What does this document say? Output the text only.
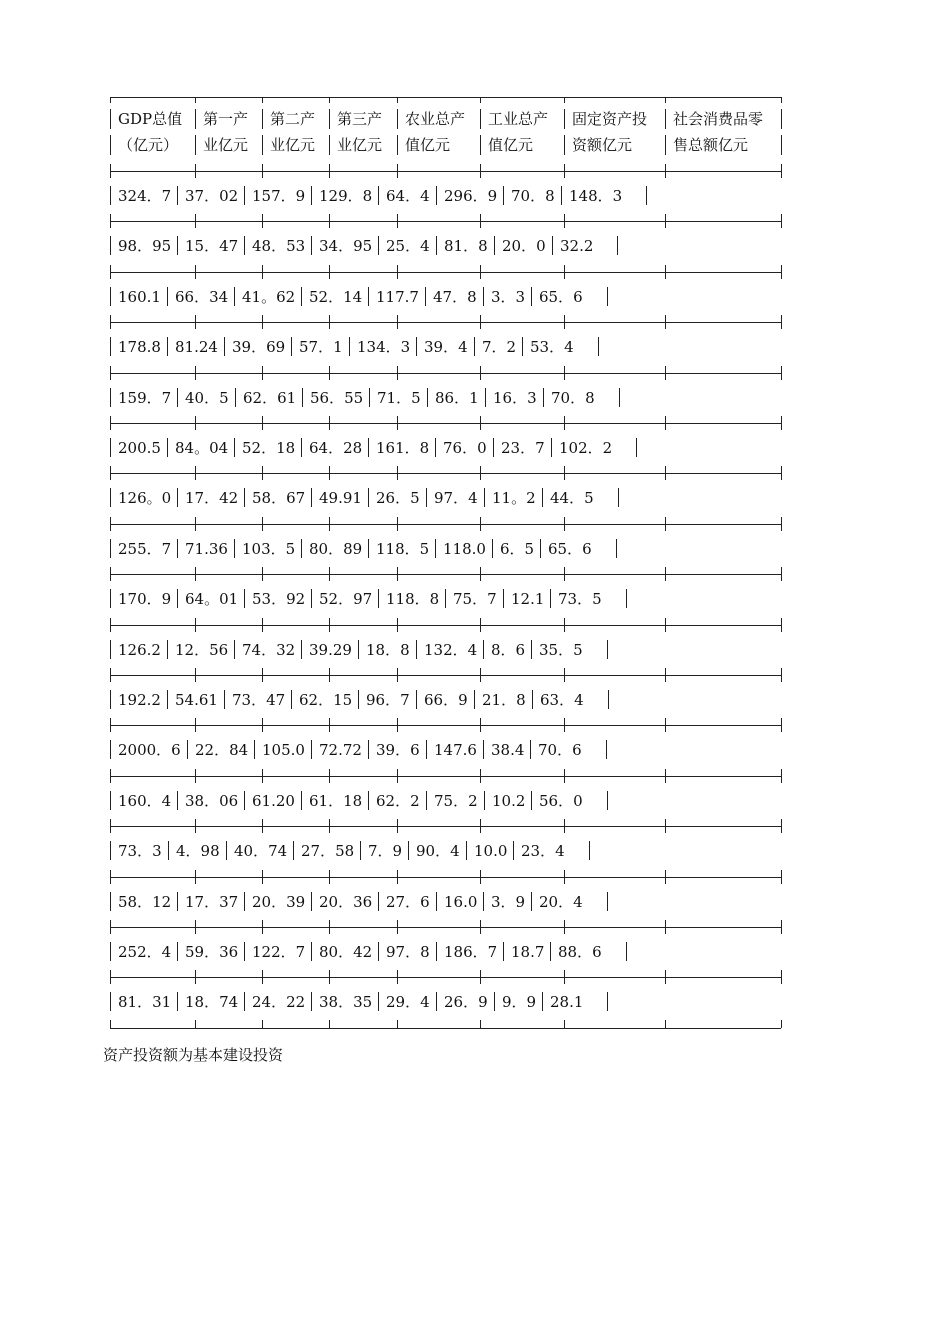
GDP总值 第一产 第二产 第三产 农业总产 工业总产 固定资产投 社会消费品零
（亿元） 业亿元 业亿元 业亿元 值亿元	值亿元	资额亿元	售总额亿元
324．7 37．02 157．9 129．8 64．4 296．9 70．8 148．3
98．95 15．47 48．53 34．95 25．4 81．8 20．0 32.2
160.1 66．34 41。62 52．14 117.7 47．8 3．3 65．6
178.8 81.24 39．69 57．1 134．3 39．4 7．2 53．4
159．7 40．5 62．61 56．55 71．5 86．1 16．3 70．8
200.5 84。04 52．18 64．28 161．8 76．0 23．7 102．2
126。0 17．42 58．67 49.91 26．5 97．4 11。2 44．5
255．7 71.36 103．5 80．89 118．5 118.0 6．5 65．6
170．9 64。01 53．92 52．97 118．8 75．7 12.1 73．5
126.2 12．56 74．32 39.29 18．8 132．4 8．6 35．5
192.2 54.61 73．47 62．15 96．7 66．9 21．8 63．4
2000．6 22．84 105.0 72.72 39．6 147.6 38.4 70．6
160．4 38．06 61.20 61．18 62．2 75．2 10.2 56．0
73．3 4．98 40．74 27．58 7．9 90．4 10.0 23．4
58．12 17．37 20．39 20．36 27．6 16.0 3．9 20．4
252．4 59．36 122．7 80．42 97．8 186．7 18.7 88．6
81．31 18．74 24．22 38．35 29．4 26．9 9．9 28.1
资产投资额为基本建设投资
